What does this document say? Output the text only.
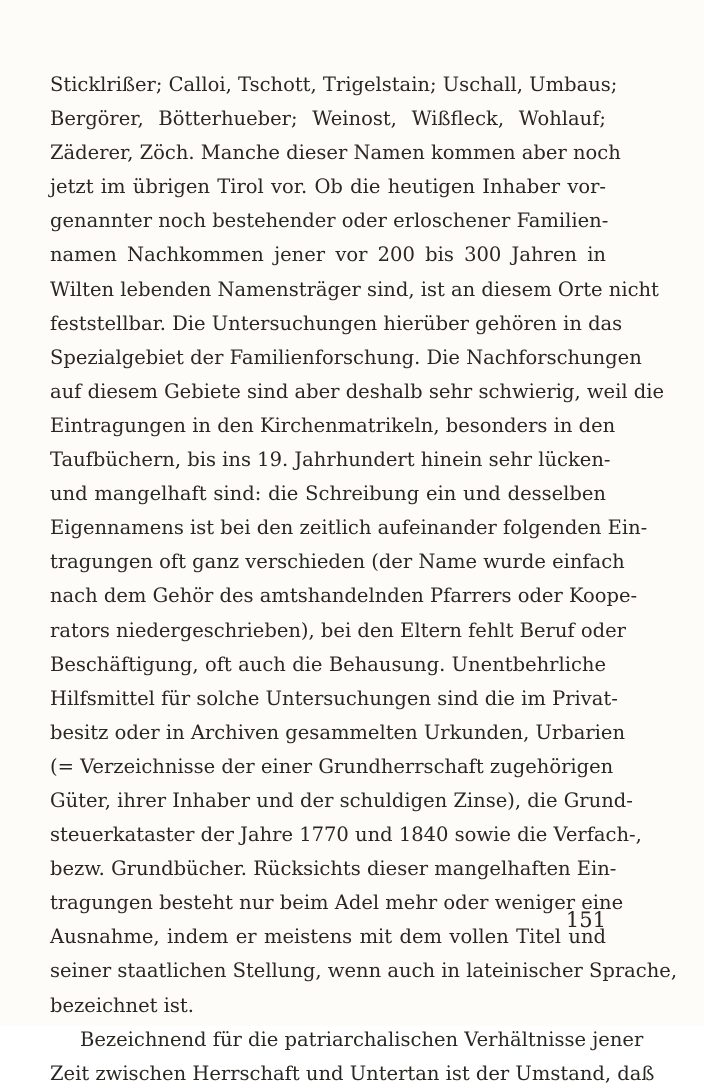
Sticklrißer; Calloi, Tschott, Trigelstain; Uschall, Umbaus;
Bergörer, Bötterhueber; Weinost, Wißfleck, Wohlauf;
Zäderer, Zöch. Manche dieser Namen kommen aber noch
jetzt im übrigen Tirol vor. Ob die heutigen Inhaber vor-
genannter noch bestehender oder erloschener Familien-
namen Nachkommen jener vor 200 bis 300 Jahren in
Wilten lebenden Namensträger sind, ist an diesem Orte nicht
feststellbar. Die Untersuchungen hierüber gehören in das
Spezialgebiet der Familienforschung. Die Nachforschungen
auf diesem Gebiete sind aber deshalb sehr schwierig, weil die
Eintragungen in den Kirchenmatrikeln, besonders in den
Taufbüchern, bis ins 19. Jahrhundert hinein sehr lücken-
und mangelhaft sind: die Schreibung ein und desselben
Eigennamens ist bei den zeitlich aufeinander folgenden Ein-
tragungen oft ganz verschieden (der Name wurde einfach
nach dem Gehör des amtshandelnden Pfarrers oder Koope-
rators niedergeschrieben), bei den Eltern fehlt Beruf oder
Beschäftigung, oft auch die Behausung. Unentbehrliche
Hilfsmittel für solche Untersuchungen sind die im Privat-
besitz oder in Archiven gesammelten Urkunden, Urbarien
(= Verzeichnisse der einer Grundherrschaft zugehörigen
Güter, ihrer Inhaber und der schuldigen Zinse), die Grund-
steuerkataster der Jahre 1770 und 1840 sowie die Verfach-,
bezw. Grundbücher. Rücksichts dieser mangelhaften Ein-
tragungen besteht nur beim Adel mehr oder weniger eine
Ausnahme, indem er meistens mit dem vollen Titel und
seiner staatlichen Stellung, wenn auch in lateinischer Sprache,
bezeichnet ist.
Bezeichnend für die patriarchalischen Verhältnisse jener
Zeit zwischen Herrschaft und Untertan ist der Umstand, daß
151
